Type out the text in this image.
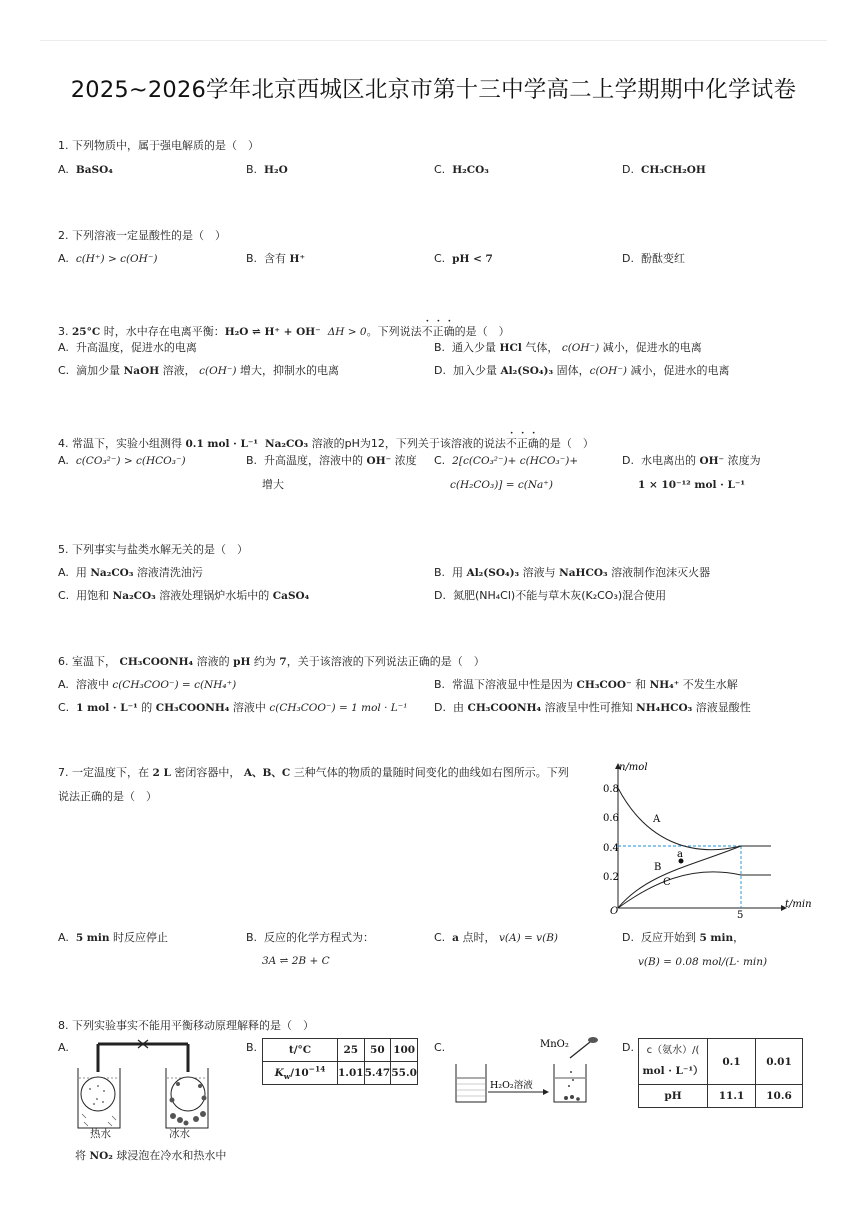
2025~2026学年北京西城区北京市第十三中学高二上学期期中化学试卷
1. 下列物质中，属于强电解质的是（　）
A. BaSO₄	B. H₂O	C. H₂CO₃	D. CH₃CH₂OH
2. 下列溶液一定显酸性的是（　）
A.  c(H⁺) > c(OH⁻)	B.  含有 H⁺	C.  pH < 7	D.  酚酞变红
3. 25°C 时，水中存在电离平衡：H₂O ⇌ H⁺ + OH⁻ ΔH > 0。下列说法不正确的是（　）
A.  升高温度，促进水的电离	B.  通入少量 HCl 气体， c(OH⁻) 减小，促进水的电离
C.  滴加少量 NaOH 溶液， c(OH⁻) 增大，抑制水的电离	D.  加入少量 Al₂(SO₄)₃ 固体，c(OH⁻) 减小，促进水的电离
4. 常温下，实验小组测得 0.1 mol · L⁻¹ Na₂CO₃ 溶液的pH为12，下列关于该溶液的说法不正确的是（　）
A.  c(CO₃²⁻) > c(HCO₃⁻)	B.  升高温度，溶液中的 OH⁻ 浓度
增大
C.  2[c(CO₃²⁻)+ c(HCO₃⁻)+
c(H₂CO₃)] = c(Na⁺)
D.  水电离出的 OH⁻ 浓度为
1 × 10⁻¹² mol · L⁻¹
5. 下列事实与盐类水解无关的是（　）
A.  用 Na₂CO₃ 溶液清洗油污	B.  用 Al₂(SO₄)₃ 溶液与 NaHCO₃ 溶液制作泡沫灭火器
C.  用饱和 Na₂CO₃ 溶液处理锅炉水垢中的 CaSO₄	D.  氮肥(NH₄Cl)不能与草木灰(K₂CO₃)混合使用
6. 室温下， CH₃COONH₄ 溶液的 pH 约为 7，关于该溶液的下列说法正确的是（　）
A.  溶液中 c(CH₃COO⁻) = c(NH₄⁺)	B.  常温下溶液显中性是因为 CH₃COO⁻ 和 NH₄⁺ 不发生水解
C.  1 mol · L⁻¹ 的 CH₃COONH₄ 溶液中 c(CH₃COO⁻) = 1 mol · L⁻¹ D.  由 CH₃COONH₄ 溶液呈中性可推知 NH₄HCO₃ 溶液显酸性
7. 一定温度下，在 2 L 密闭容器中， A、B、C 三种气体的物质的量随时间变化的曲线如右图所示。下列
说法正确的是（　）
n/mol
t/min
O
0.8
0.6
0.4
0.2
5
A
B
C
a
A.  5 min 时反应停止	B.  反应的化学方程式为：
3A ⇌ 2B + C
C.  a 点时， v(A) = v(B)	D.  反应开始到 5 min，
v(B) = 0.08 mol/(L· min)
8. 下列实验事实不能用平衡移动原理解释的是（　）
A.
热水	冰水
将 NO₂ 球浸泡在冷水和热水中
B.	t/°C	25	50	100
$K_w/10^{-14}$	1.01	5.47	55.0
C.
H₂O₂溶液
MnO₂	D. c（氨水）/(
mol · L⁻¹）	0.1	0.01
pH	11.1	10.6
